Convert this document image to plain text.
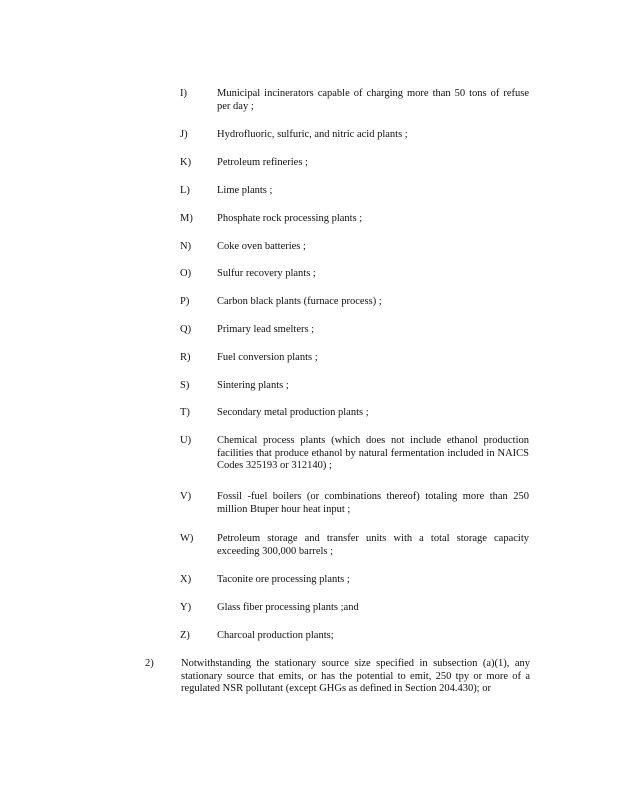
I)	Municipal incinerators capable of charging more than 50 tons of refuse per day ;
J)	Hydrofluoric, sulfuric, and nitric acid plants ;
K)	Petroleum refineries ;
L)	Lime plants ;
M)	Phosphate rock processing plants ;
N)	Coke oven batteries ;
O)	Sulfur recovery plants ;
P)	Carbon black plants (furnace process) ;
Q)	Primary lead smelters ;
R)	Fuel conversion plants ;
S)	Sintering plants ;
T)	Secondary metal production plants ;
U)	Chemical process plants (which does not include ethanol production facilities that produce ethanol by natural fermentation included in NAICS Codes 325193 or 312140) ;
V)	Fossil -fuel boilers (or combinations thereof) totaling more than 250 million Btuper hour heat input ;
W)	Petroleum storage and transfer units with a total storage capacity exceeding 300,000 barrels ;
X)	Taconite ore processing plants ;
Y)	Glass fiber processing plants ;and
Z)	Charcoal production plants;
2)	Notwithstanding the stationary source size specified in subsection (a)(1), any stationary source that emits, or has the potential to emit, 250 tpy or more of a regulated NSR pollutant (except GHGs as defined in Section 204.430); or
